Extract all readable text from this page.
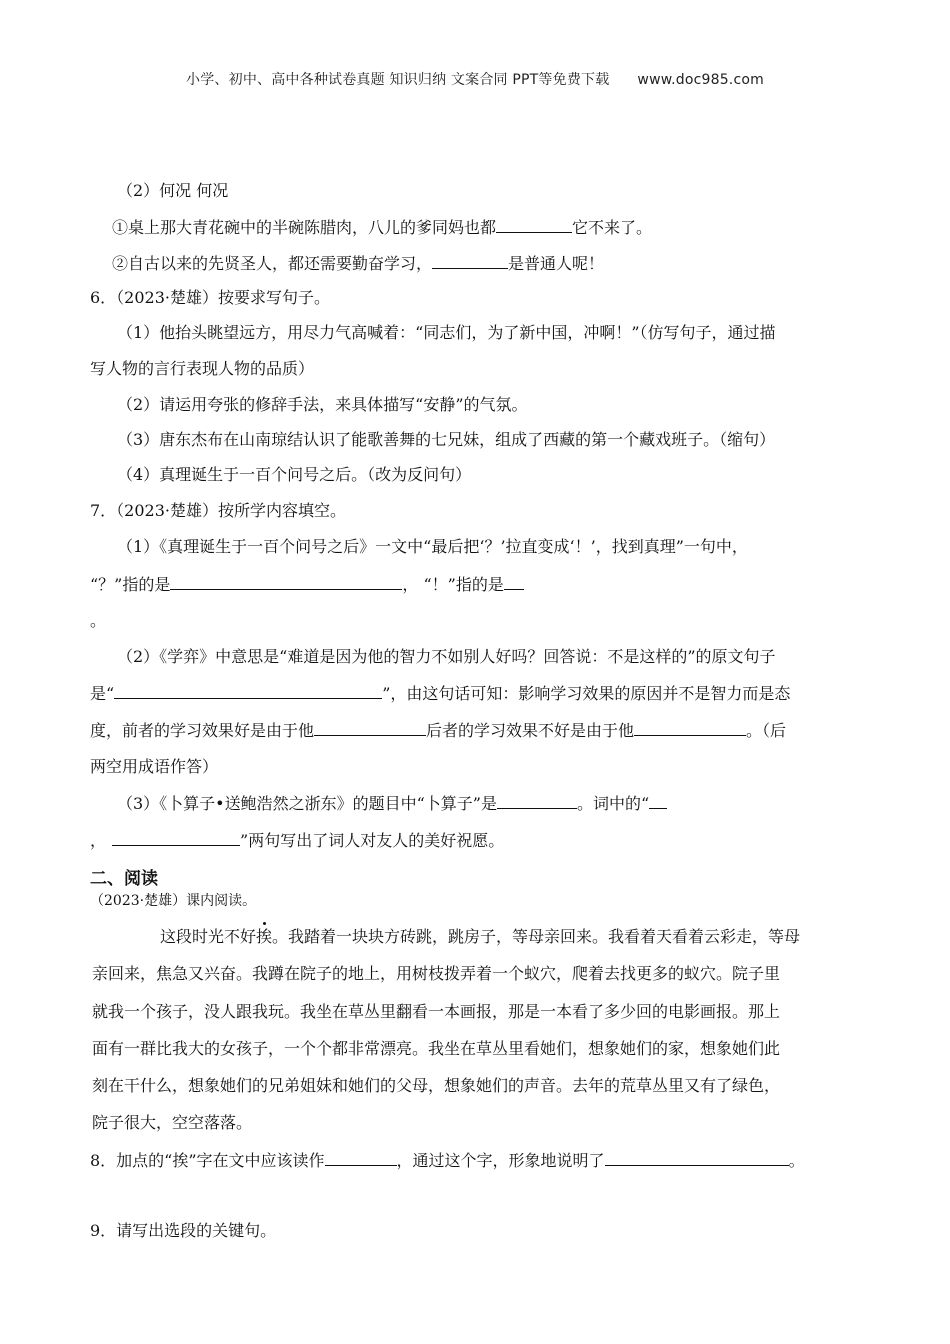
小学、初中、高中各种试卷真题 知识归纳 文案合同 PPT等免费下载 www.doc985.com
（2）何况 何况
①桌上那大青花碗中的半碗陈腊肉，八儿的爹同妈也都	它不来了。
②自古以来的先贤圣人，都还需要勤奋学习，	是普通人呢！
6．（2023·楚雄）按要求写句子。
（1）他抬头眺望远方，用尽力气高喊着：“同志们，为了新中国，冲啊！”（仿写句子，通过描
写人物的言行表现人物的品质）
（2）请运用夸张的修辞手法，来具体描写“安静”的气氛。
（3）唐东杰布在山南琼结认识了能歌善舞的七兄妹，组成了西藏的第一个藏戏班子。（缩句）
（4）真理诞生于一百个问号之后。（改为反问句）
7．（2023·楚雄）按所学内容填空。
（1）《真理诞生于一百个问号之后》一文中“最后把‘？’拉直变成‘！’，找到真理”一句中，
“？”指的是	， “！”指的是
。
（2）《学弈》中意思是“难道是因为他的智力不如别人好吗？回答说：不是这样的”的原文句子
是“	”，由这句话可知：影响学习效果的原因并不是智力而是态
度，前者的学习效果好是由于他	后者的学习效果不好是由于他	。（后
两空用成语作答）
（3）《卜算子•送鲍浩然之浙东》的题目中“卜算子”是	。词中的“
，	”两句写出了词人对友人的美好祝愿。
二、阅读
（2023·楚雄）课内阅读。
这段时光不好挨。我踏着一块块方砖跳，跳房子，等母亲回来。我看着天看着云彩走，等母
亲回来，焦急又兴奋。我蹲在院子的地上，用树枝拨弄着一个蚁穴，爬着去找更多的蚁穴。院子里
就我一个孩子，没人跟我玩。我坐在草丛里翻看一本画报，那是一本看了多少回的电影画报。那上
面有一群比我大的女孩子，一个个都非常漂亮。我坐在草丛里看她们，想象她们的家，想象她们此
刻在干什么，想象她们的兄弟姐妹和她们的父母，想象她们的声音。去年的荒草丛里又有了绿色，
院子很大，空空落落。
8．加点的“挨”字在文中应该读作	，通过这个字，形象地说明了	。
9．请写出选段的关键句。
